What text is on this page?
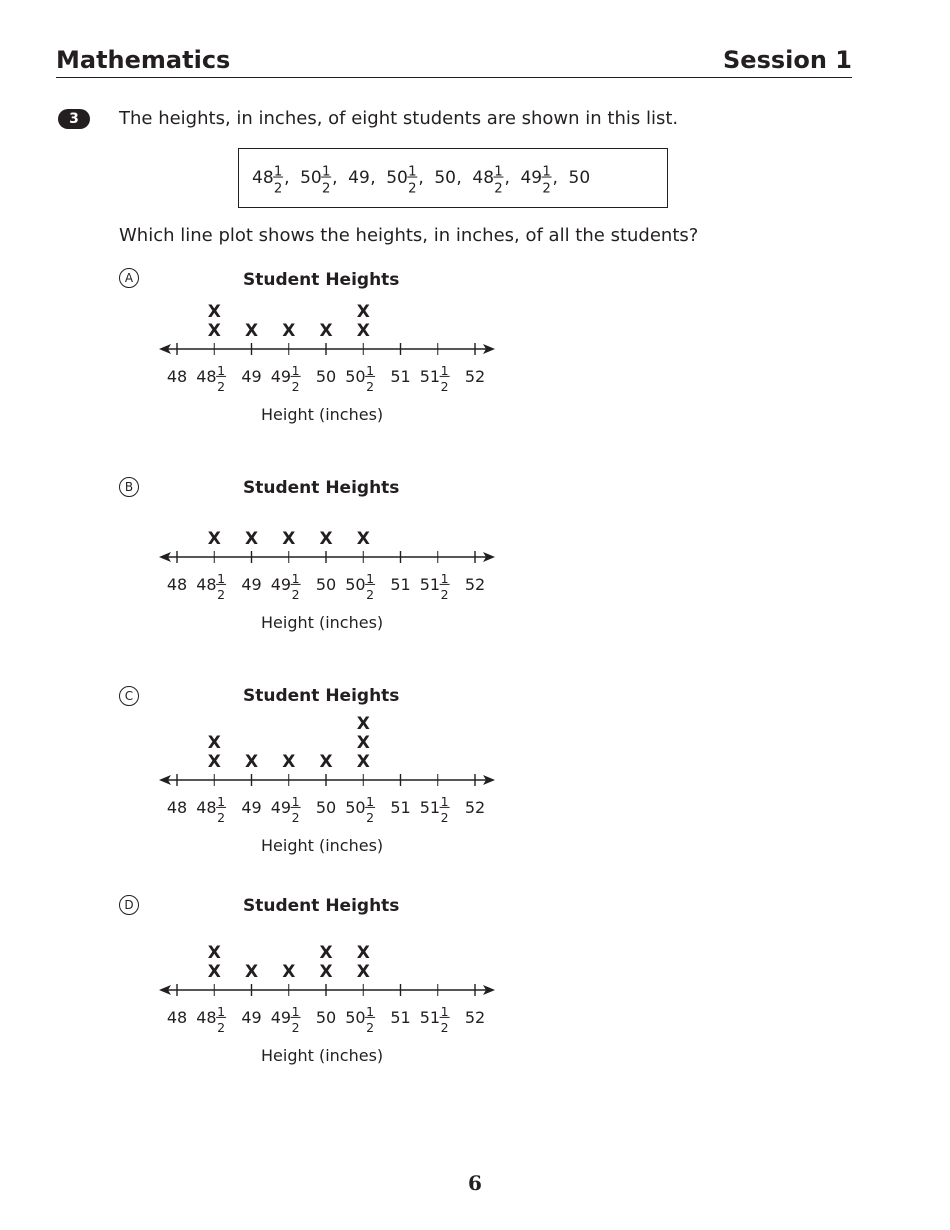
Mathematics	Session 1
3	The heights, in inches, of eight students are shown in this list.
Which line plot shows the heights, in inches, of all the students?
A
B
C
D
Student Heights
Student Heights
Student Heights
Student Heights
Height (inches)
Height (inches)
Height (inches)
Height (inches)
48 1
2
, 50 1
2
, 49 , 50 1
2
, 50 , 48 1
2
, 49 1
2
, 50
48 48 1
2
49 49 1
2
50 50 1
2
51 51 1
2
52
X
X
X X X X
X
48 48 1
2
49 49 1
2
50 50 1
2
51 51 1
2
52
X X X X X
48 48 1
2
49 49 1
2
50 50 1
2
51 51 1
2
52
X
X
X X X X
X
X
48 48 1
2
49 49 1
2
50 50 1
2
51 51 1
2
52
X
X
X X X
X
X
X
6
